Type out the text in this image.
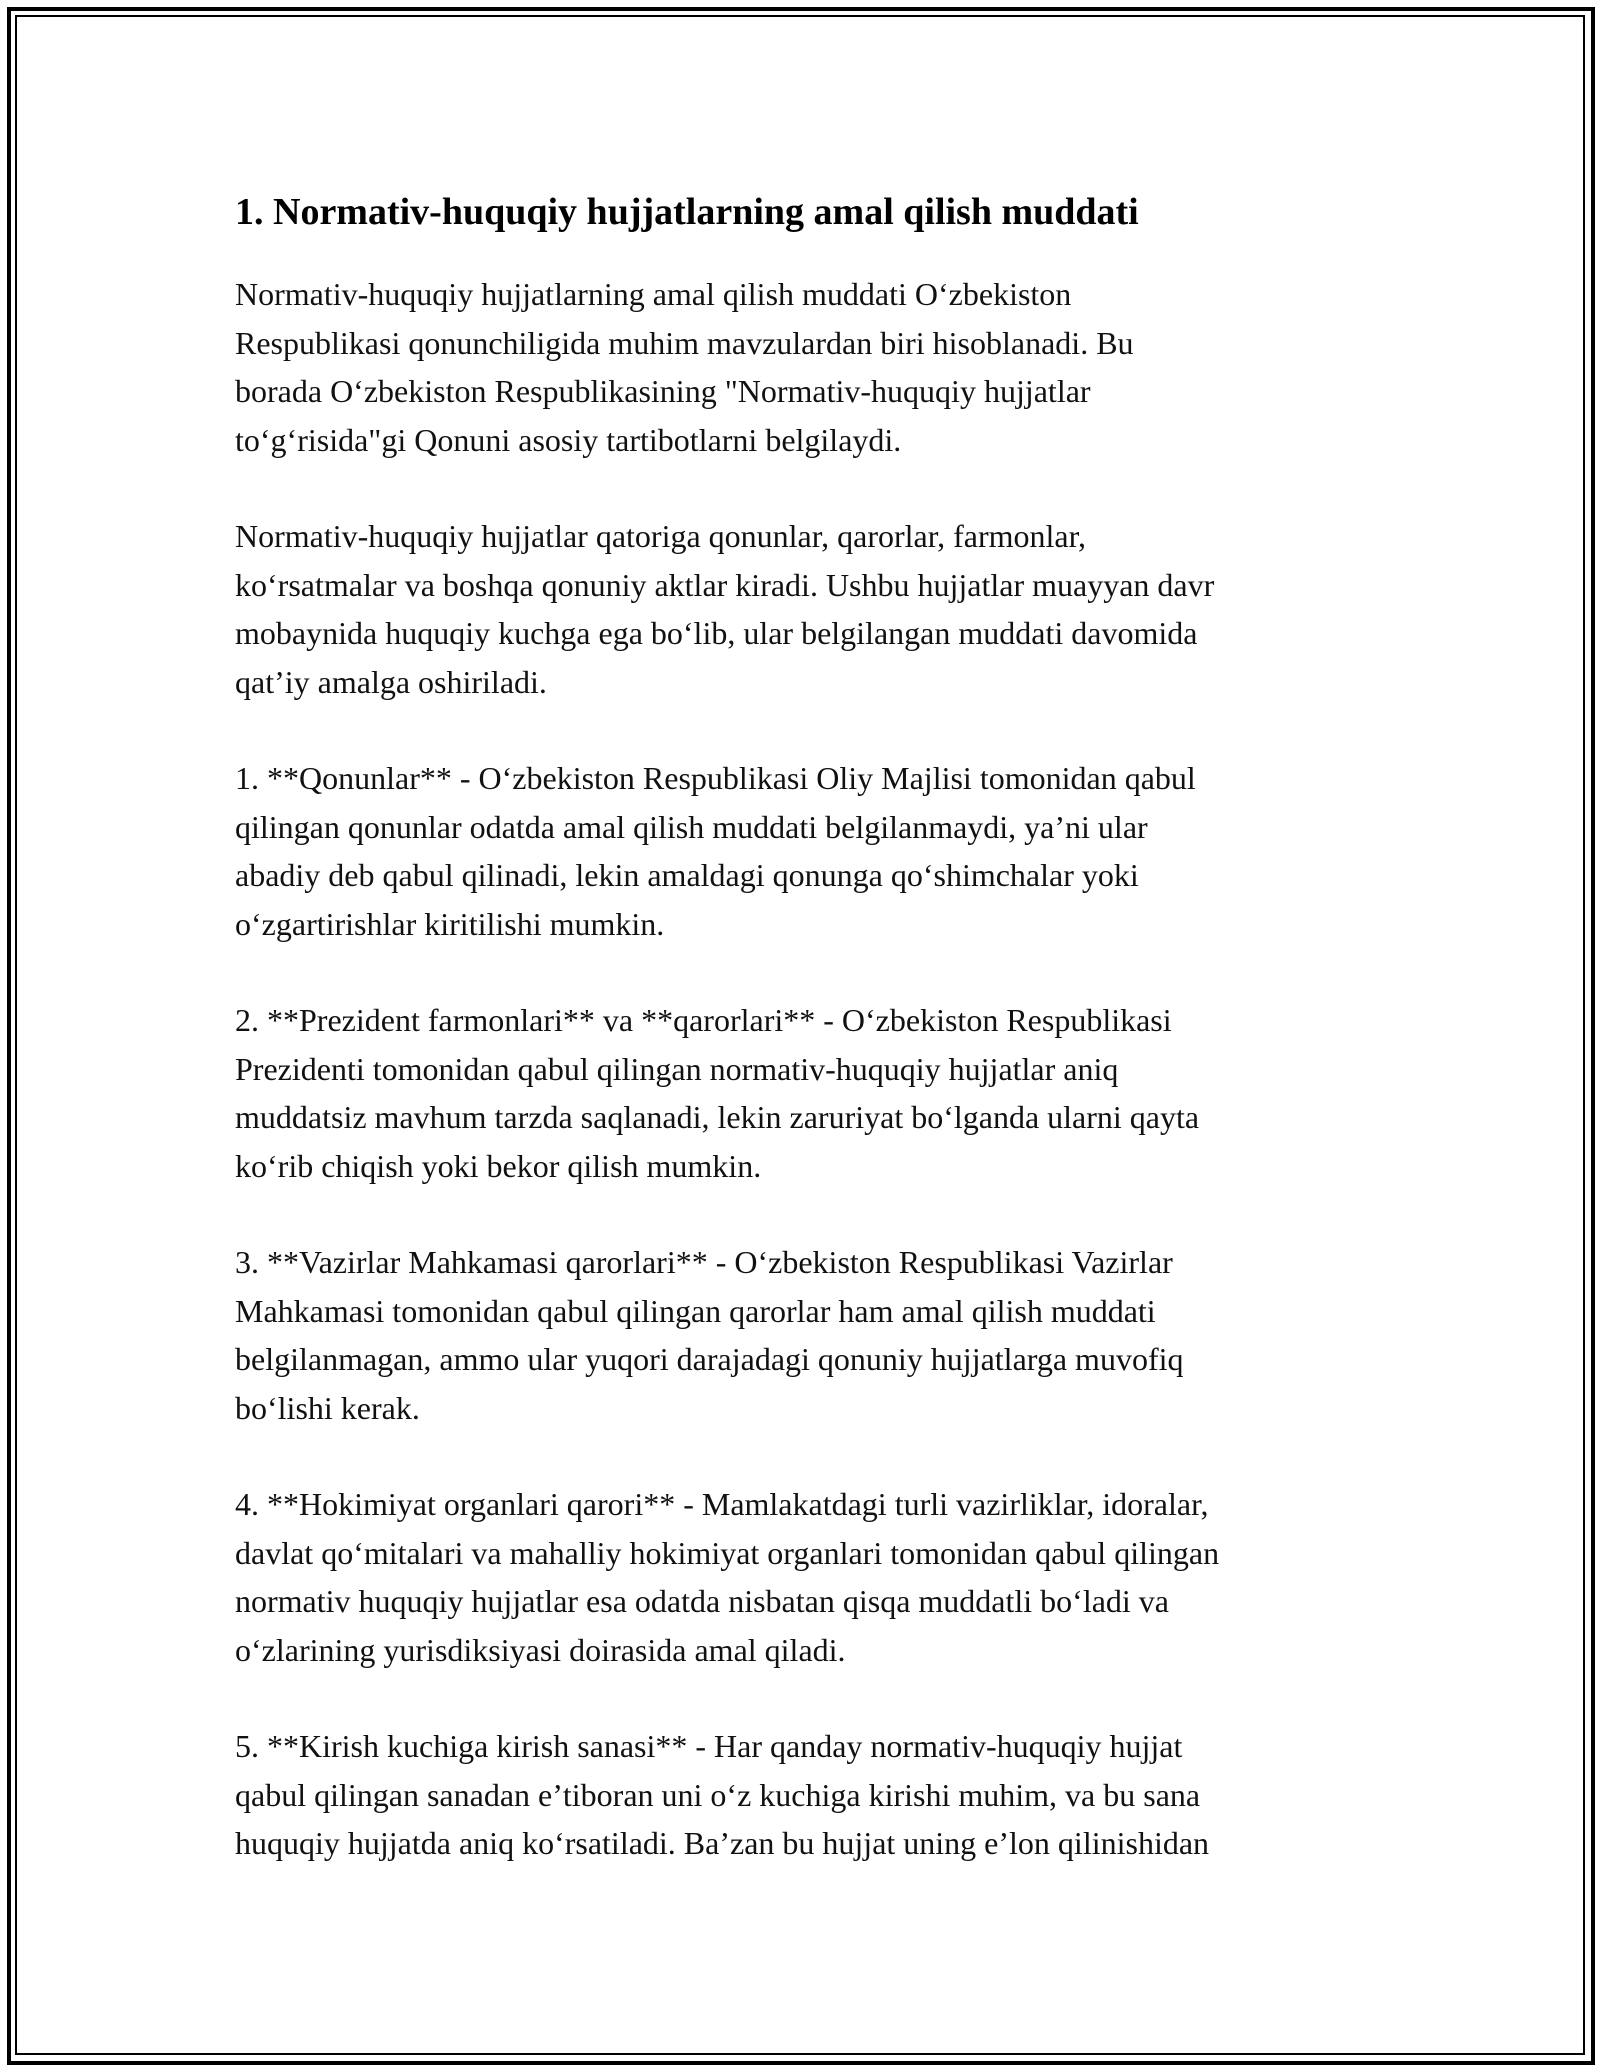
1. Normativ-huquqiy hujjatlarning amal qilish muddati

Normativ-huquqiy hujjatlarning amal qilish muddati Oʻzbekiston
Respublikasi qonunchiligida muhim mavzulardan biri hisoblanadi. Bu
borada Oʻzbekiston Respublikasining "Normativ-huquqiy hujjatlar
toʻgʻrisida"gi Qonuni asosiy tartibotlarni belgilaydi.

Normativ-huquqiy hujjatlar qatoriga qonunlar, qarorlar, farmonlar,
koʻrsatmalar va boshqa qonuniy aktlar kiradi. Ushbu hujjatlar muayyan davr
mobaynida huquqiy kuchga ega boʻlib, ular belgilangan muddati davomida
qatʼiy amalga oshiriladi.

1. **Qonunlar** - Oʻzbekiston Respublikasi Oliy Majlisi tomonidan qabul
qilingan qonunlar odatda amal qilish muddati belgilanmaydi, yaʼni ular
abadiy deb qabul qilinadi, lekin amaldagi qonunga qoʻshimchalar yoki
oʻzgartirishlar kiritilishi mumkin.

2. **Prezident farmonlari** va **qarorlari** - Oʻzbekiston Respublikasi
Prezidenti tomonidan qabul qilingan normativ-huquqiy hujjatlar aniq
muddatsiz mavhum tarzda saqlanadi, lekin zaruriyat boʻlganda ularni qayta
koʻrib chiqish yoki bekor qilish mumkin.

3. **Vazirlar Mahkamasi qarorlari** - Oʻzbekiston Respublikasi Vazirlar
Mahkamasi tomonidan qabul qilingan qarorlar ham amal qilish muddati
belgilanmagan, ammo ular yuqori darajadagi qonuniy hujjatlarga muvofiq
boʻlishi kerak.

4. **Hokimiyat organlari qarori** - Mamlakatdagi turli vazirliklar, idoralar,
davlat qoʻmitalari va mahalliy hokimiyat organlari tomonidan qabul qilingan
normativ huquqiy hujjatlar esa odatda nisbatan qisqa muddatli boʻladi va
oʻzlarining yurisdiksiyasi doirasida amal qiladi.

5. **Kirish kuchiga kirish sanasi** - Har qanday normativ-huquqiy hujjat
qabul qilingan sanadan eʼtiboran uni oʻz kuchiga kirishi muhim, va bu sana
huquqiy hujjatda aniq koʻrsatiladi. Baʼzan bu hujjat uning eʼlon qilinishidan
